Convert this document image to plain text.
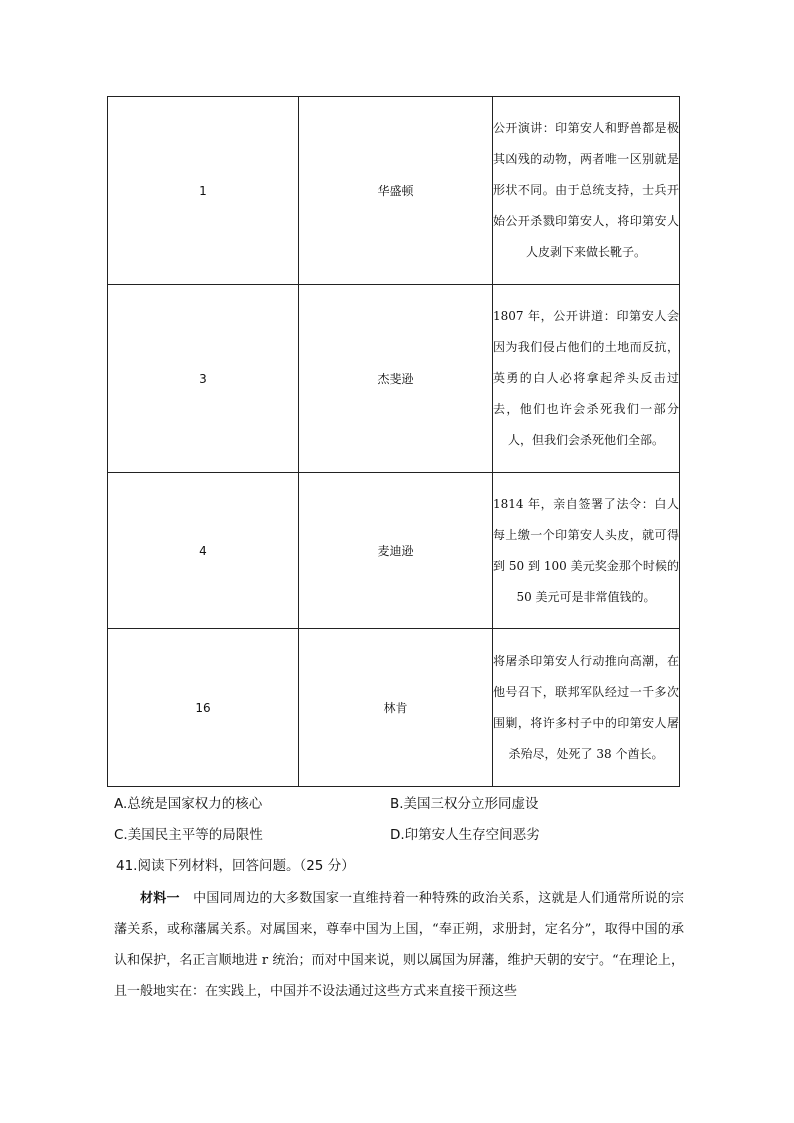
1	华盛顿	公开演讲：印第安人和野兽都是极其凶残的动物，两者唯一区别就是形状不同。由于总统支持，士兵开始公开杀戮印第安人，将印第安人人皮剥下来做长靴子。
3	杰斐逊	1807 年，公开讲道：印第安人会因为我们侵占他们的土地而反抗，英勇的白人必将拿起斧头反击过去，他们也许会杀死我们一部分人，但我们会杀死他们全部。
4	麦迪逊	1814 年，亲自签署了法令：白人每上缴一个印第安人头皮，就可得到 50 到 100 美元奖金那个时候的 50 美元可是非常值钱的。
16	林肯	将屠杀印第安人行动推向高潮，在他号召下，联邦军队经过一千多次围剿，将许多村子中的印第安人屠杀殆尽，处死了 38 个酋长。
A.总统是国家权力的核心	B.美国三权分立形同虚设
C.美国民主平等的局限性	D.印第安人生存空间恶劣
41.阅读下列材料，回答问题。（25 分）
材料一　中国同周边的大多数国家一直维持着一种特殊的政治关系，这就是人们通常所说的宗藩关系，或称藩属关系。对属国来，尊奉中国为上国，“奉正朔，求册封，定名分”，取得中国的承认和保护，名正言顺地进 r 统治；而对中国来说，则以属国为屏藩，维护天朝的安宁。“在理论上，且一般地实在：在实践上，中国并不设法通过这些方式来直接干预这些
